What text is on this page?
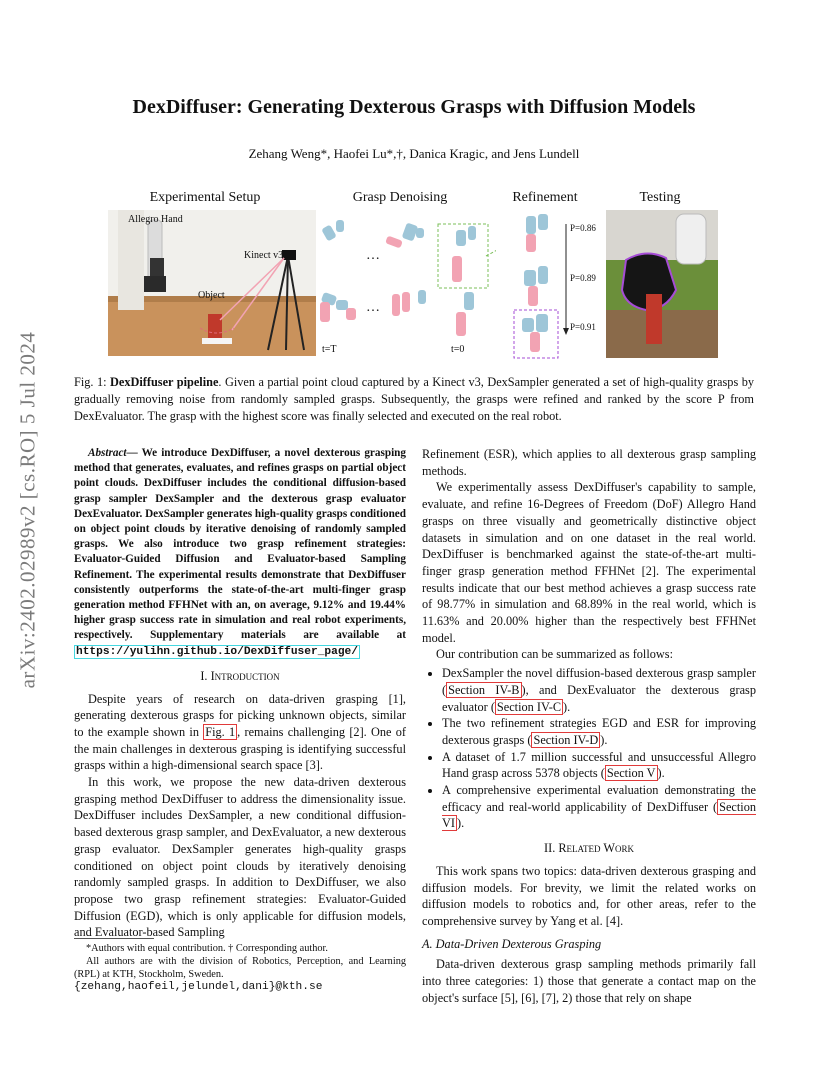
arXiv:2402.02989v2 [cs.RO] 5 Jul 2024
DexDiffuser: Generating Dexterous Grasps with Diffusion Models
Zehang Weng*, Haofei Lu*,†, Danica Kragic, and Jens Lundell
Experimental Setup	Grasp Denoising	Refinement	Testing
Allegro Hand
Kinect v3
Object
…
…
t=T	t=0
P=0.86
P=0.89
P=0.91
Fig. 1: DexDiffuser pipeline. Given a partial point cloud captured by a Kinect v3, DexSampler generated a set of high-quality grasps by gradually removing noise from randomly sampled grasps. Subsequently, the grasps were refined and ranked by the score P from DexEvaluator. The grasp with the highest score was finally selected and executed on the real robot.

Abstract— We introduce DexDiffuser, a novel dexterous grasping method that generates, evaluates, and refines grasps on partial object point clouds. DexDiffuser includes the conditional diffusion-based grasp sampler DexSampler and the dexterous grasp evaluator DexEvaluator. DexSampler generates high-quality grasps conditioned on object point clouds by iterative denoising of randomly sampled grasps. We also introduce two grasp refinement strategies: Evaluator-Guided Diffusion and Evaluator-based Sampling Refinement. The experimental results demonstrate that DexDiffuser consistently outperforms the state-of-the-art multi-finger grasp generation method FFHNet with an, on average, 9.12% and 19.44% higher grasp success rate in simulation and real robot experiments, respectively. Supplementary materials are available at https://yulihn.github.io/DexDiffuser_page/

I. Introduction

Despite years of research on data-driven grasping [1], generating dexterous grasps for picking unknown objects, similar to the example shown in Fig. 1 , remains challenging [2]. One of the main challenges in dexterous grasping is identifying successful grasps within a high-dimensional search space [3].

In this work, we propose the new data-driven dexterous grasping method DexDiffuser to address the dimensionality issue. DexDiffuser includes DexSampler, a new conditional diffusion-based dexterous grasp sampler, and DexEvaluator, a new dexterous grasp evaluator. DexSampler generates high-quality grasps conditioned on object point clouds by iteratively denoising randomly sampled grasps. In addition to DexDiffuser, we also propose two grasp refinement strategies: Evaluator-Guided Diffusion (EGD), which is only applicable for diffusion models, and Evaluator-based Sampling

*Authors with equal contribution. † Corresponding author.
All authors are with the division of Robotics, Perception, and Learning (RPL) at KTH, Stockholm, Sweden.
{zehang,haofeil,jelundel,dani}@kth.se

Refinement (ESR), which applies to all dexterous grasp sampling methods.

We experimentally assess DexDiffuser's capability to sample, evaluate, and refine 16-Degrees of Freedom (DoF) Allegro Hand grasps on three visually and geometrically distinctive object datasets in simulation and on one dataset in the real world. DexDiffuser is benchmarked against the state-of-the-art multi-finger grasp generation method FFHNet [2]. The experimental results indicate that our best method achieves a grasp success rate of 98.77% in simulation and 68.89% in the real world, which is 11.63% and 20.00% higher than the respectively best FFHNet model.

Our contribution can be summarized as follows:

• DexSampler the novel diffusion-based dexterous grasp sampler ( Section IV-B ), and DexEvaluator the dexterous grasp evaluator ( Section IV-C ).
• The two refinement strategies EGD and ESR for improving dexterous grasps ( Section IV-D ).
• A dataset of 1.7 million successful and unsuccessful Allegro Hand grasp across 5378 objects ( Section V ).
• A comprehensive experimental evaluation demonstrating the efficacy and real-world applicability of DexDiffuser ( Section VI ).
II. Related Work

This work spans two topics: data-driven dexterous grasping and diffusion models. For brevity, we limit the related works on diffusion models to robotics and, for other areas, refer to the comprehensive survey by Yang et al. [4].

A. Data-Driven Dexterous Grasping

Data-driven dexterous grasp sampling methods primarily fall into three categories: 1) those that generate a contact map on the object's surface [5], [6], [7], 2) those that rely on shape
